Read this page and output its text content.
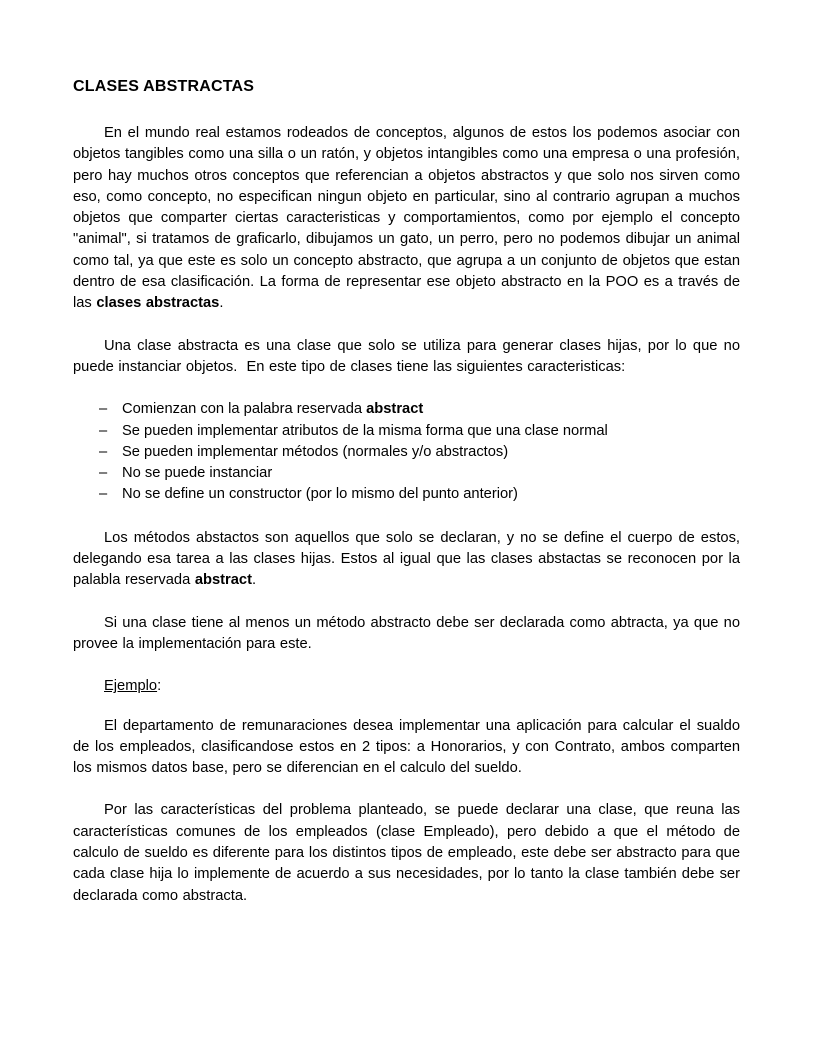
CLASES ABSTRACTAS

En el mundo real estamos rodeados de conceptos, algunos de estos los podemos asociar con objetos tangibles como una silla o un ratón, y objetos intangibles como una empresa o una profesión, pero hay muchos otros conceptos que referencian a objetos abstractos y que solo nos sirven como eso, como concepto, no especifican ningun objeto en particular, sino al contrario agrupan a muchos objetos que comparter ciertas caracteristicas y comportamientos, como por ejemplo el concepto "animal", si tratamos de graficarlo, dibujamos un gato, un perro, pero no podemos dibujar un animal como tal, ya que este es solo un concepto abstracto, que agrupa a un conjunto de objetos que estan dentro de esa clasificación. La forma de representar ese objeto abstracto en la POO es a través de las clases abstractas.

Una clase abstracta es una clase que solo se utiliza para generar clases hijas, por lo que no puede instanciar objetos.  En este tipo de clases tiene las siguientes caracteristicas:

– Comienzan con la palabra reservada abstract
– Se pueden implementar atributos de la misma forma que una clase normal
– Se pueden implementar métodos (normales y/o abstractos)
– No se puede instanciar
– No se define un constructor (por lo mismo del punto anterior)

Los métodos abstactos son aquellos que solo se declaran, y no se define el cuerpo de estos, delegando esa tarea a las clases hijas. Estos al igual que las clases abstactas se reconocen por la palabla reservada abstract.

Si una clase tiene al menos un método abstracto debe ser declarada como abtracta, ya que no provee la implementación para este.

Ejemplo:

El departamento de remunaraciones desea implementar una aplicación para calcular el sualdo de los empleados, clasificandose estos en 2 tipos: a Honorarios, y con Contrato, ambos comparten los mismos datos base, pero se diferencian en el calculo del sueldo.

Por las características del problema planteado, se puede declarar una clase, que reuna las características comunes de los empleados (clase Empleado), pero debido a que el método de calculo de sueldo es diferente para los distintos tipos de empleado, este debe ser abstracto para que cada clase hija lo implemente de acuerdo a sus necesidades, por lo tanto la clase también debe ser declarada como abstracta.
